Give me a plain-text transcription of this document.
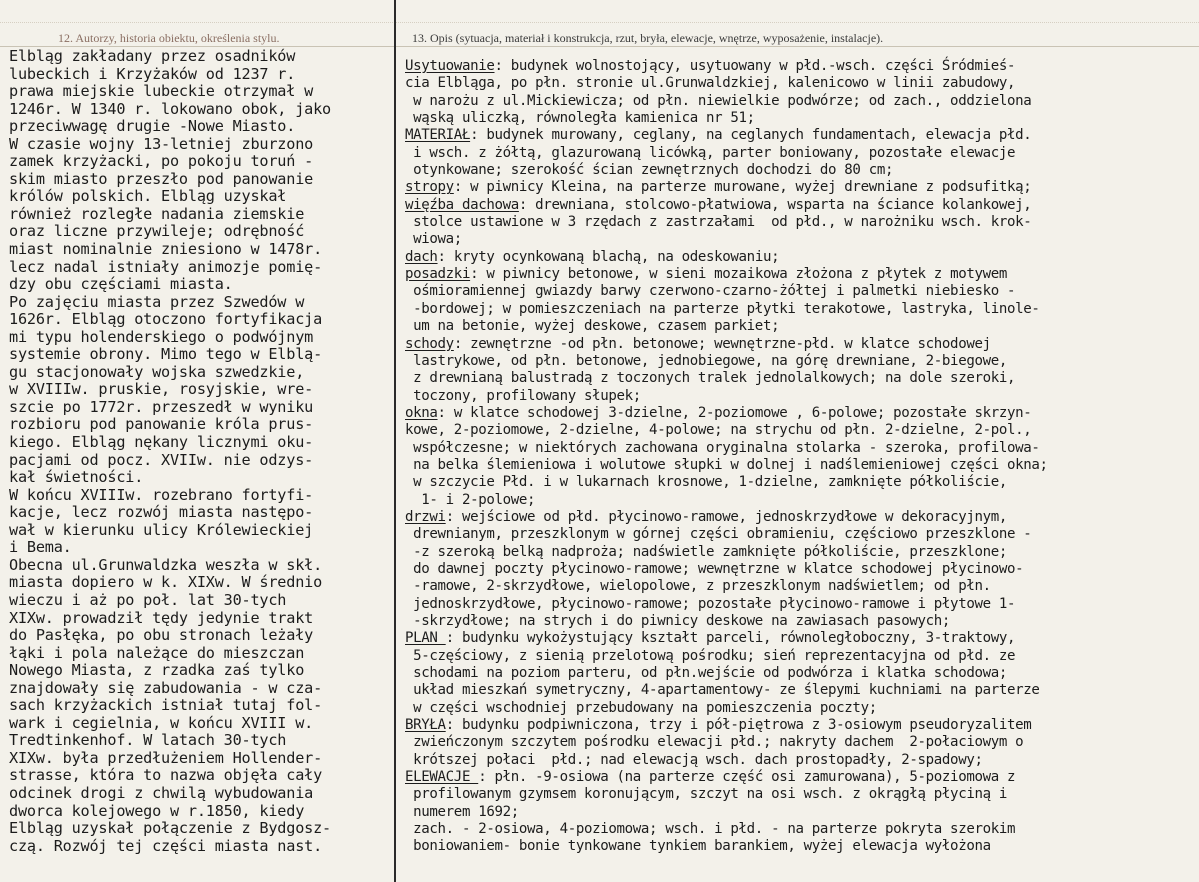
12. Autorzy, historia obiektu, określenia stylu.	13. Opis (sytuacja, materiał i konstrukcja, rzut, bryła, elewacje, wnętrze, wyposażenie, instalacje).
Elbląg zakładany przez osadników
lubeckich i Krzyżaków od 1237 r.
prawa miejskie lubeckie otrzymał w
1246r. W 1340 r. lokowano obok, jako
przeciwwagę drugie -Nowe Miasto.
W czasie wojny 13-letniej zburzono
zamek krzyżacki, po pokoju toruń -
skim miasto przeszło pod panowanie
królów polskich. Elbląg uzyskał
również rozległe nadania ziemskie
oraz liczne przywileje; odrębność
miast nominalnie zniesiono w 1478r.
lecz nadal istniały animozje pomię-
dzy obu częściami miasta.
Po zajęciu miasta przez Szwedów w
1626r. Elbląg otoczono fortyfikacja
mi typu holenderskiego o podwójnym
systemie obrony. Mimo tego w Elblą-
gu stacjonowały wojska szwedzkie,
w XVIIIw. pruskie, rosyjskie, wre-
szcie po 1772r. przeszedł w wyniku
rozbioru pod panowanie króla prus-
kiego. Elbląg nękany licznymi oku-
pacjami od pocz. XVIIw. nie odzys-
kał świetności.
W końcu XVIIIw. rozebrano fortyfi-
kacje, lecz rozwój miasta następo-
wał w kierunku ulicy Królewieckiej
i Bema.
Obecna ul.Grunwaldzka weszła w skł.
miasta dopiero w k. XIXw. W średnio
wieczu i aż po poł. lat 30-tych
XIXw. prowadził tędy jedynie trakt
do Pasłęka, po obu stronach leżały
łąki i pola należące do mieszczan
Nowego Miasta, z rzadka zaś tylko
znajdowały się zabudowania - w cza-
sach krzyżackich istniał tutaj fol-
wark i cegielnia, w końcu XVIII w.
Tredtinkenhof. W latach 30-tych
XIXw. była przedłużeniem Hollender-
strasse, która to nazwa objęła cały
odcinek drogi z chwilą wybudowania
dworca kolejowego w r.1850, kiedy
Elbląg uzyskał połączenie z Bydgosz-
czą. Rozwój tej części miasta nast.
Usytuowanie: budynek wolnostojący, usytuowany w płd.-wsch. części Śródmieś-
cia Elbląga, po płn. stronie ul.Grunwaldzkiej, kalenicowo w linii zabudowy,
w narożu z ul.Mickiewicza; od płn. niewielkie podwórze; od zach., oddzielona
wąską uliczką, równoległa kamienica nr 51;
MATERIAŁ: budynek murowany, ceglany, na ceglanych fundamentach, elewacja płd.
i wsch. z żółtą, glazurowaną licówką, parter boniowany, pozostałe elewacje
otynkowane; szerokość ścian zewnętrznych dochodzi do 80 cm;
stropy: w piwnicy Kleina, na parterze murowane, wyżej drewniane z podsufitką;
więźba dachowa: drewniana, stolcowo-płatwiowa, wsparta na ściance kolankowej,
stolce ustawione w 3 rzędach z zastrzałami  od płd., w narożniku wsch. krok-
wiowa;
dach: kryty ocynkowaną blachą, na odeskowaniu;
posadzki: w piwnicy betonowe, w sieni mozaikowa złożona z płytek z motywem
ośmioramiennej gwiazdy barwy czerwono-czarno-żółtej i palmetki niebiesko -
-bordowej; w pomieszczeniach na parterze płytki terakotowe, lastryka, linole-
um na betonie, wyżej deskowe, czasem parkiet;
schody: zewnętrzne -od płn. betonowe; wewnętrzne-płd. w klatce schodowej
lastrykowe, od płn. betonowe, jednobiegowe, na górę drewniane, 2-biegowe,
z drewnianą balustradą z toczonych tralek jednolalkowych; na dole szeroki,
toczony, profilowany słupek;
okna: w klatce schodowej 3-dzielne, 2-poziomowe , 6-polowe; pozostałe skrzyn-
kowe, 2-poziomowe, 2-dzielne, 4-polowe; na strychu od płn. 2-dzielne, 2-pol.,
współczesne; w niektórych zachowana oryginalna stolarka - szeroka, profilowa-
na belka ślemieniowa i wolutowe słupki w dolnej i nadślemieniowej części okna;
w szczycie Płd. i w lukarnach krosnowe, 1-dzielne, zamknięte półkoliście,
1- i 2-polowe;
drzwi: wejściowe od płd. płycinowo-ramowe, jednoskrzydłowe w dekoracyjnym,
drewnianym, przeszklonym w górnej części obramieniu, częściowo przeszklone -
-z szeroką belką nadproża; nadświetle zamknięte półkoliście, przeszklone;
do dawnej poczty płycinowo-ramowe; wewnętrzne w klatce schodowej płycinowo-
-ramowe, 2-skrzydłowe, wielopolowe, z przeszklonym nadświetlem; od płn.
jednoskrzydłowe, płycinowo-ramowe; pozostałe płycinowo-ramowe i płytowe 1-
-skrzydłowe; na strych i do piwnicy deskowe na zawiasach pasowych;
PLAN : budynku wykożystujący kształt parceli, równoległoboczny, 3-traktowy,
5-częściowy, z sienią przelotową pośrodku; sień reprezentacyjna od płd. ze
schodami na poziom parteru, od płn.wejście od podwórza i klatka schodowa;
układ mieszkań symetryczny, 4-apartamentowy- ze ślepymi kuchniami na parterze
w części wschodniej przebudowany na pomieszczenia poczty;
BRYŁA: budynku podpiwniczona, trzy i pół-piętrowa z 3-osiowym pseudoryzalitem
zwieńczonym szczytem pośrodku elewacji płd.; nakryty dachem  2-połaciowym o
krótszej połaci  płd.; nad elewacją wsch. dach prostopadły, 2-spadowy;
ELEWACJE : płn. -9-osiowa (na parterze część osi zamurowana), 5-poziomowa z
profilowanym gzymsem koronującym, szczyt na osi wsch. z okrągłą płyciną i
numerem 1692;
zach. - 2-osiowa, 4-poziomowa; wsch. i płd. - na parterze pokryta szerokim
boniowaniem- bonie tynkowane tynkiem barankiem, wyżej elewacja wyłożona
